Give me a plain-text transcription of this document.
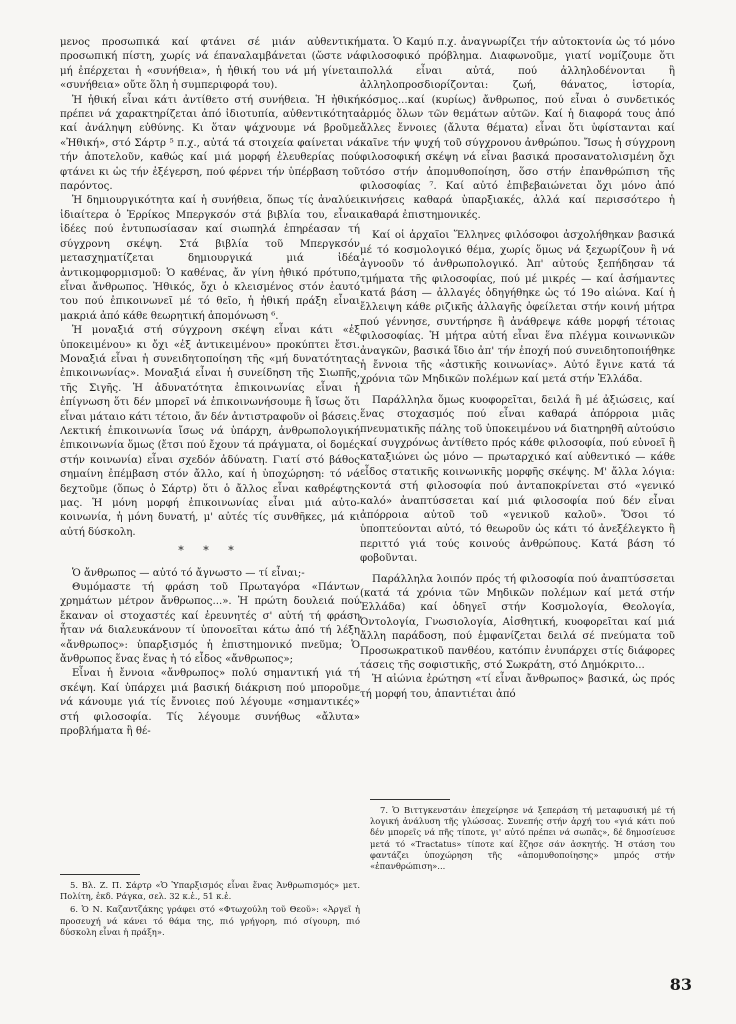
μενος προσωπικά καί φτάνει σέ μιάν αὐθεντική προσωπική πίστη, χωρίς νά έπαναλαμβάνεται (ὥστε νά μή ἐπέρχεται ἡ «συνήθεια», ἡ ἠθική του νά μή γίνεται «συνήθεια» οὔτε ὅλη ἡ συμπεριφορά του).

Ἡ ἠθική εἶναι κάτι ἀντίθετο στή συνήθεια. Ἡ ἠθική πρέπει νά χαρακτηρίζεται ἀπό ἰδιοτυπία, αὐθεντικότητα καί ἀνάληψη εὐθύνης. Κι ὅταν ψάχνουμε νά βροῦμε «Ἠθική», στό Σάρτρ ⁵ π.χ., αὐτά τά στοιχεία φαίνεται νά τήν ἀποτελοῦν, καθώς καί μιά μορφή ἐλευθερίας πού φτάνει κι ὡς τήν ἐξέγερση, πού φέρνει τήν ὑπέρβαση τοῦ παρόντος.

Ἡ δημιουργικότητα καί ἡ συνήθεια, ὅπως τίς ἀναλύει ἰδιαίτερα ὁ Ἐρρίκος Μπεργκσόν στά βιβλία του, εἶναι ἰδέες πού ἐντυπωσίασαν καί σιωπηλά ἐπηρέασαν τή σύγχρονη σκέψη. Στά βιβλία τοῦ Μπεργκσόν μετασχηματίζεται δημιουργικά μιά ἰδέα ἀντικομφορμισμοῦ: Ὁ καθένας, ἄν γίνη ἠθικό πρότυπο, εἶναι ἄνθρωπος. Ἠθικός, ὄχι ὁ κλεισμένος στόν ἑαυτό του πού ἐπικοινωνεῖ μέ τό θεῖο, ἡ ἠθική πράξη εἶναι μακριά ἀπό κάθε θεωρητική ἀπομόνωση ⁶.

Ἡ μοναξιά στή σύγχρονη σκέψη εἶναι κάτι «ἐξ ὑποκειμένου» κι ὄχι «ἐξ ἀντικειμένου» προκύπτει ἔτσι. Μοναξιά εἶναι ἡ συνειδητοποίηση τῆς «μή δυνατότητας ἐπικοινωνίας». Μοναξιά εἶναι ἡ συνείδηση τῆς Σιωπῆς, τῆς Σιγῆς. Ἡ ἀδυνατότητα ἐπικοινωνίας εἶναι ἡ ἐπίγνωση ὅτι δέν μπορεῖ νά ἐπικοινωνήσουμε ἢ ἴσως ὅτι εἶναι μάταιο κάτι τέτοιο, ἄν δέν ἀντιστραφοῦν οἱ βάσεις. Λεκτική ἐπικοινωνία ἴσως νά ὑπάρχη, ἀνθρωπολογική ἐπικοινωνία ὅμως (ἔτσι πού ἔχουν τά πράγματα, οἱ δομές στήν κοινωνία) εἶναι σχεδόν ἀδύνατη. Γιατί στό βάθος σημαίνη ἐπέμβαση στόν ἄλλο, καί ἡ ὑποχώρηση: τό νά δεχτοῦμε (ὅπως ὁ Σάρτρ) ὅτι ὁ ἄλλος εἶναι καθρέφτης μας. Ἡ μόνη μορφή ἐπικοινωνίας εἶναι μιά αὐτο-κοινωνία, ἡ μόνη δυνατή, μ' αὐτές τίς συνθῆκες, μά κι αὐτή δύσκολη.

* * *

Ὁ ἄνθρωπος — αὐτό τό ἄγνωστο — τί εἶναι;-

Θυμόμαστε τή φράση τοῦ Πρωταγόρα «Πάντων χρημάτων μέτρον ἄνθρωπος...». Ἡ πρώτη δουλειά πού ἔκαναν οἱ στοχαστές καί ἐρευνητές σ' αὐτή τή φράση ἦταν νά διαλευκάνουν τί ὑπονοεῖται κάτω ἀπό τή λέξη «ἄνθρωπος»: ὑπαρξισμός ἡ ἐπιστημονικό πνεῦμα; Ὁ ἄνθρωπος ἕνας ἕνας ἡ τό εἶδος «ἄνθρωπος»;

Εἶναι ἡ ἔννοια «ἄνθρωπος» πολύ σημαντική γιά τή σκέψη. Καί ὑπάρχει μιά βασική διάκριση πού μποροῦμε νά κάνουμε γιά τίς ἔννοιες πού λέγουμε «σημαντικές» στή φιλοσοφία. Τίς λέγουμε συνήθως «ἄλυτα» προβλήματα ἢ θέ-

ματα. Ὁ Καμύ π.χ. ἀναγνωρίζει τήν αὐτοκτονία ὡς τό μόνο φιλοσοφικό πρόβλημα. Διαφωνοῦμε, γιατί νομίζουμε ὅτι πολλά εἶναι αὐτά, πού ἀλληλοδένονται ἢ ἀλληλοπροσδιορίζονται: ζωή, θάνατος, ἱστορία, κόσμος...καί (κυρίως) ἄνθρωπος, πού εἶναι ὁ συνδετικός ἁρμός ὅλων τῶν θεμάτων αὐτῶν. Καί ἡ διαφορά τους ἀπό ἄλλες ἔννοιες (ἄλυτα θέματα) εἶναι ὅτι ὑφίστανται καί καῖνε τήν ψυχή τοῦ σύγχρονου ἀνθρώπου. Ἴσως ἡ σύγχρονη φιλοσοφική σκέψη νά εἶναι βασικά προσανατολισμένη ὄχι τόσο στήν ἀπομυθοποίηση, ὅσο στήν ἐπανθρώπιση τῆς φιλοσοφίας ⁷. Καί αὐτό ἐπιβεβαιώνεται ὄχι μόνο ἀπό κινήσεις καθαρά ὑπαρξιακές, ἀλλά καί περισσότερο ἡ καθαρά ἐπιστημονικές.

Καί οἱ ἀρχαῖοι Ἕλληνες φιλόσοφοι ἀσχολήθηκαν βασικά μέ τό κοσμολογικό θέμα, χωρίς ὅμως νά ξεχωρίζουν ἢ νά ἀγνοοῦν τό ἀνθρωπολογικό. Ἀπ' αὐτούς ξεπήδησαν τά τμήματα τῆς φιλοσοφίας, πού μέ μικρές — καί ἀσήμαντες κατά βάση — ἀλλαγές ὁδηγήθηκε ὡς τό 19ο αἰώνα. Καί ἡ ἔλλειψη κάθε ριζικῆς ἀλλαγῆς ὀφείλεται στήν κοινή μήτρα πού γέννησε, συντήρησε ἢ ἀνάθρεψε κάθε μορφή τέτοιας φιλοσοφίας. Ἡ μήτρα αὐτή εἶναι ἕνα πλέγμα κοινωνικῶν ἀναγκῶν, βασικά ἴδιο ἀπ' τήν ἐποχή πού συνειδητοποιήθηκε ἡ ἔννοια τῆς «ἀστικῆς κοινωνίας». Αὐτό ἔγινε κατά τά χρόνια τῶν Μηδικῶν πολέμων καί μετά στήν Ἑλλάδα.

Παράλληλα ὅμως κυοφορεῖται, δειλά ἢ μέ ἀξιώσεις, καί ἕνας στοχασμός πού εἶναι καθαρά ἀπόρροια μιᾶς πνευματικῆς πάλης τοῦ ὑποκειμένου νά διατηρηθῆ αὐτούσιο καί συγχρόνως ἀντίθετο πρός κάθε φιλοσοφία, πού εὐνοεῖ ἢ καταξιώνει ὡς μόνο — πρωταρχικό καί αὐθεντικό — κάθε εἶδος στατικῆς κοινωνικῆς μορφῆς σκέψης. Μ' ἄλλα λόγια: κοντά στή φιλοσοφία πού ἀνταποκρίνεται στό «γενικό καλό» ἀναπτύσσεται καί μιά φιλοσοφία πού δέν εἶναι ἀπόρροια αὐτοῦ τοῦ «γενικοῦ καλοῦ». Ὅσοι τό ὑποπτεύονται αὐτό, τό θεωροῦν ὡς κάτι τό ἀνεξέλεγκτο ἢ περιττό γιά τούς κοινούς ἀνθρώπους. Κατά βάση τό φοβοῦνται.

Παράλληλα λοιπόν πρός τή φιλοσοφία πού ἀναπτύσσεται (κατά τά χρόνια τῶν Μηδικῶν πολέμων καί μετά στήν Ἑλλάδα) καί ὁδηγεῖ στήν Κοσμολογία, Θεολογία, Ὀντολογία, Γνωσιολογία, Αἰσθητική, κυοφορεῖται καί μιά ἄλλη παράδοση, πού ἐμφανίζεται δειλά σέ πνεύματα τοῦ Προσωκρατικοῦ πανθέου, κατόπιν ἐνυπάρχει στίς διάφορες τάσεις τῆς σοφιστικῆς, στό Σωκράτη, στό Δημόκριτο...

Ἡ αἰώνια ἐρώτηση «τί εἶναι ἄνθρωπος» βασικά, ὡς πρός τή μορφή του, ἀπαντιέται ἀπό

5. Βλ. Ζ. Π. Σάρτρ «Ὁ Ὑπαρξισμός εἶναι ἕνας Ἀνθρωπισμός» μετ. Πολίτη, ἐκδ. Ράγκα, σελ. 32 κ.ἑ., 51 κ.ἑ.

6. Ὁ Ν. Καζαντζάκης γράφει στό «Φτωχούλη τοῦ Θεοῦ»: «Ἀργεῖ ἡ προσευχή νά κάνει τό θάμα της, πιό γρήγορη, πιό σίγουρη, πιό δύσκολη εἶναι ἡ πράξη».

7. Ὁ Βιττγκενστάιν ἐπεχείρησε νά ξεπεράση τή μεταφυσική μέ τή λογική ἀνάλυση τῆς γλώσσας. Συνεπής στήν ἀρχή του «γιά κάτι πού δέν μπορεῖς νά πῆς τίποτε, γι' αὐτό πρέπει νά σωπᾶς», δέ δημοσίευσε μετά τό «Tractatus» τίποτε καί ἔζησε σάν ἀσκητής. Ἡ στάση του φαντάζει ὑποχώρηση τῆς «ἀπομυθοποίησης» μπρός στήν «ἐπανθρώπιση»...

83
